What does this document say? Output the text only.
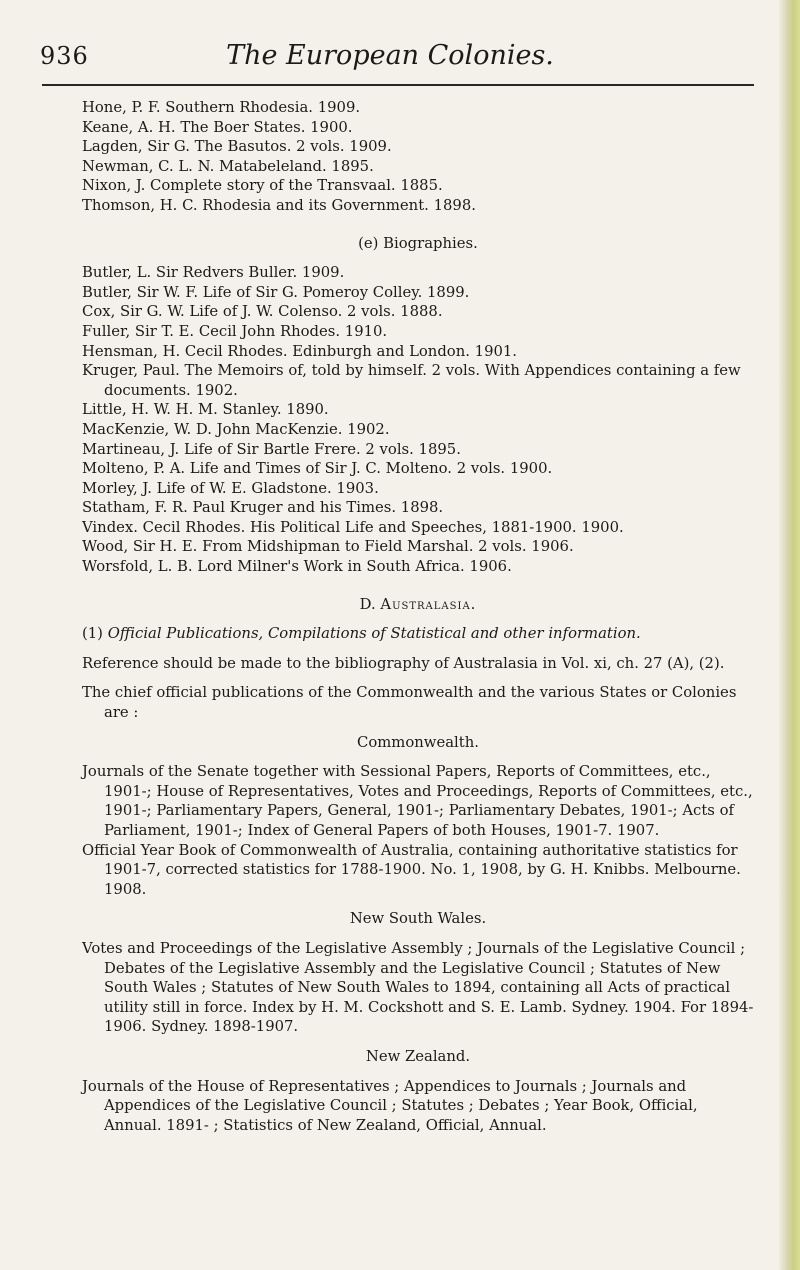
936	The European Colonies.

Hone, P. F. Southern Rhodesia. 1909.

Keane, A. H. The Boer States. 1900.

Lagden, Sir G. The Basutos. 2 vols. 1909.

Newman, C. L. N. Matabeleland. 1895.

Nixon, J. Complete story of the Transvaal. 1885.

Thomson, H. C. Rhodesia and its Government. 1898.

(e) Biographies.

Butler, L. Sir Redvers Buller. 1909.

Butler, Sir W. F. Life of Sir G. Pomeroy Colley. 1899.

Cox, Sir G. W. Life of J. W. Colenso. 2 vols. 1888.

Fuller, Sir T. E. Cecil John Rhodes. 1910.

Hensman, H. Cecil Rhodes. Edinburgh and London. 1901.

Kruger, Paul. The Memoirs of, told by himself. 2 vols. With Appendices containing a few documents. 1902.

Little, H. W. H. M. Stanley. 1890.

MacKenzie, W. D. John MacKenzie. 1902.

Martineau, J. Life of Sir Bartle Frere. 2 vols. 1895.

Molteno, P. A. Life and Times of Sir J. C. Molteno. 2 vols. 1900.

Morley, J. Life of W. E. Gladstone. 1903.

Statham, F. R. Paul Kruger and his Times. 1898.

Vindex. Cecil Rhodes. His Political Life and Speeches, 1881-1900. 1900.

Wood, Sir H. E. From Midshipman to Field Marshal. 2 vols. 1906.

Worsfold, L. B. Lord Milner's Work in South Africa. 1906.

D. Australasia.

(1) Official Publications, Compilations of Statistical and other information.

Reference should be made to the bibliography of Australasia in Vol. xi, ch. 27 (A), (2).

The chief official publications of the Commonwealth and the various States or Colonies are :

Commonwealth.

Journals of the Senate together with Sessional Papers, Reports of Committees, etc., 1901-; House of Representatives, Votes and Proceedings, Reports of Committees, etc., 1901-; Parliamentary Papers, General, 1901-; Parliamentary Debates, 1901-; Acts of Parliament, 1901-; Index of General Papers of both Houses, 1901-7. 1907.

Official Year Book of Commonwealth of Australia, containing authoritative statistics for 1901-7, corrected statistics for 1788-1900. No. 1, 1908, by G. H. Knibbs. Melbourne. 1908.

New South Wales.

Votes and Proceedings of the Legislative Assembly ; Journals of the Legislative Council ; Debates of the Legislative Assembly and the Legislative Council ; Statutes of New South Wales ; Statutes of New South Wales to 1894, containing all Acts of practical utility still in force. Index by H. M. Cockshott and S. E. Lamb. Sydney. 1904. For 1894-1906. Sydney. 1898-1907.

New Zealand.

Journals of the House of Representatives ; Appendices to Journals ; Journals and Appendices of the Legislative Council ; Statutes ; Debates ; Year Book, Official, Annual. 1891- ; Statistics of New Zealand, Official, Annual.
